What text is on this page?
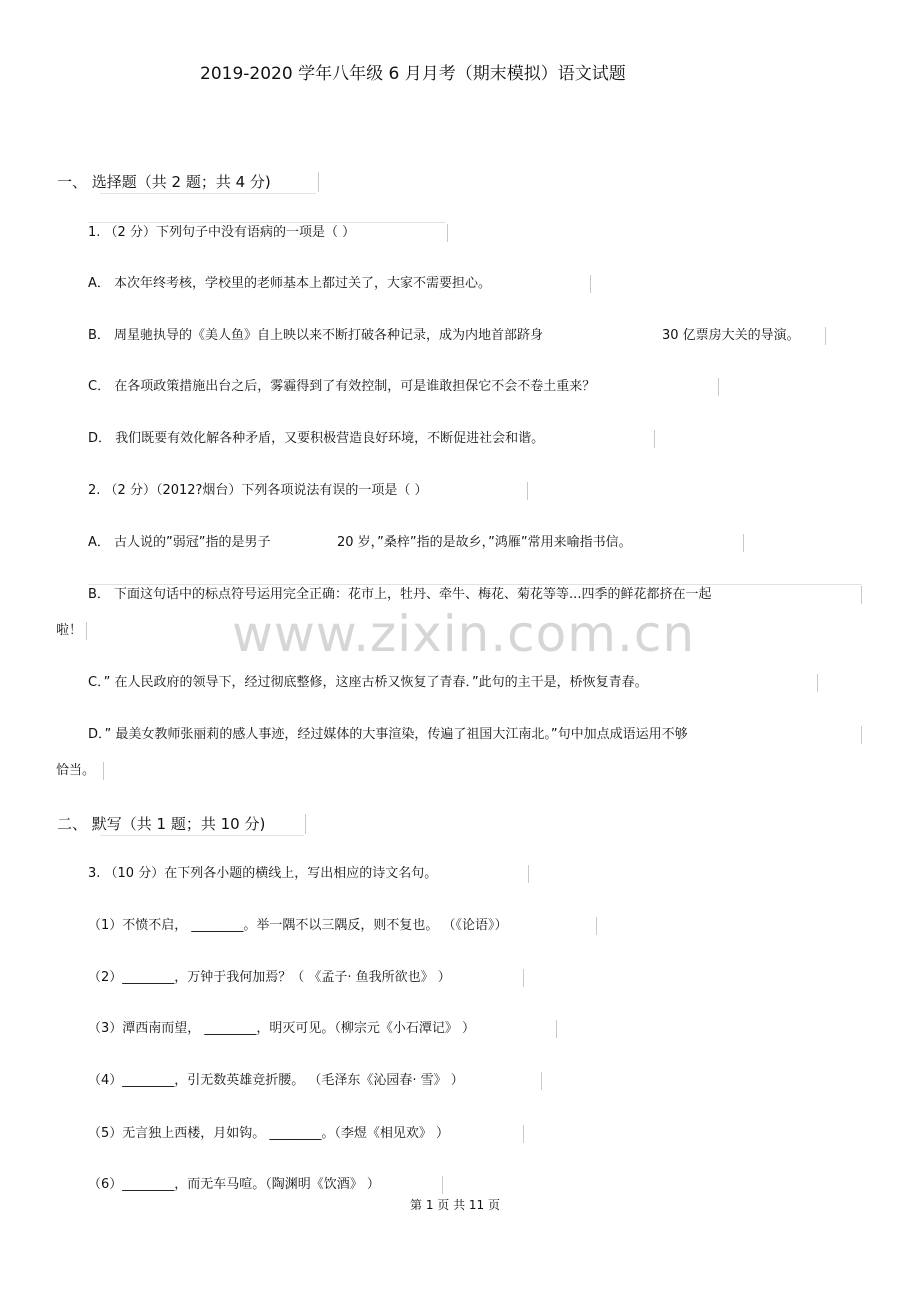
www.zixin.com.cn
2019-2020 学年八年级 6 月月考（期末模拟）语文试题
一、 选择题（共 2 题；共 4 分)
1. （2 分）下列句子中没有语病的一项是（ ）
A． 本次年终考核，学校里的老师基本上都过关了，大家不需要担心。
B． 周星驰执导的《美人鱼》自上映以来不断打破各种记录，成为内地首部跻身	30 亿票房大关的导演。
C． 在各项政策措施出台之后，雾霾得到了有效控制，可是谁敢担保它不会不卷土重来？
D． 我们既要有效化解各种矛盾，又要积极营造良好环境，不断促进社会和谐。
2. （2 分）（2012?烟台）下列各项说法有误的一项是（ ）
A． 古人说的”弱冠”指的是男子	20 岁，”桑梓”指的是故乡，”鸿雁”常用来喻指书信。
B． 下面这句话中的标点符号运用完全正确：花市上，牡丹、牵牛、梅花、菊花等等...四季的鲜花都挤在一起
啦！
C．” 在人民政府的领导下，经过彻底整修，这座古桥又恢复了青春．”此句的主干是，桥恢复青春。
D．” 最美女教师张丽莉的感人事迹，经过媒体的大事渲染，传遍了祖国大江南北。”句中加点成语运用不够
恰当。
二、 默写（共 1 题；共 10 分)
3. （10 分）在下列各小题的横线上，写出相应的诗文名句。
（1）不愤不启， ________。举一隅不以三隅反，则不复也。 （《论语》）
（2）________，万钟于我何加焉？（ 《孟子· 鱼我所欲也》 ）
（3）潭西南而望， ________，明灭可见。（柳宗元《小石潭记》 ）
（4）________，引无数英雄竞折腰。 （毛泽东《沁园春· 雪》 ）
（5）无言独上西楼，月如钩。 ________。（李煜《相见欢》 ）
（6）________，而无车马喧。（陶渊明《饮酒》 ）
第 1 页 共 11 页
